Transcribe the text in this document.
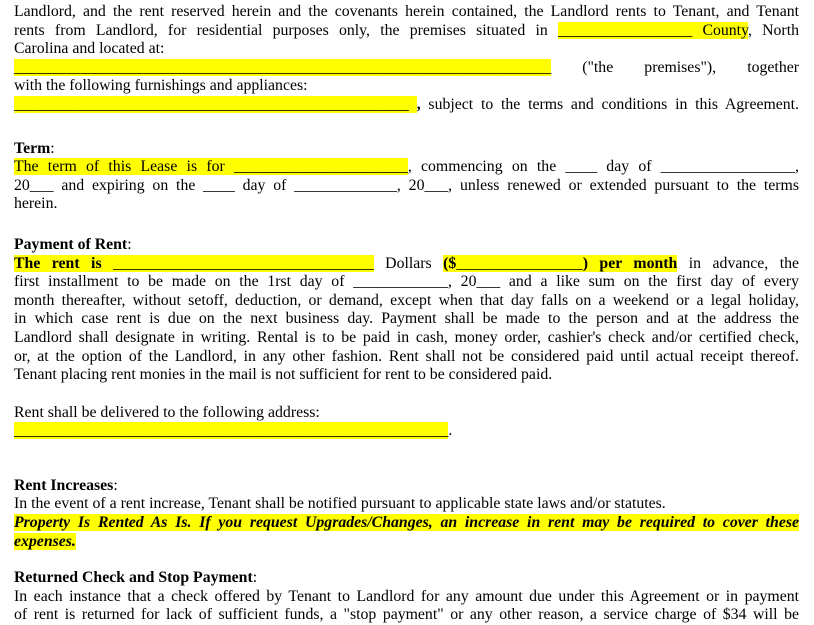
Landlord, and the rent reserved herein and the covenants herein contained, the Landlord rents to Tenant, and Tenant
rents from Landlord, for residential purposes only, the premises situated in _________________ County, North
Carolina and located at:
____________________________________________________________________ ("the premises"), together
with the following furnishings and appliances:
__________________________________________________ , subject to the terms and conditions in this Agreement.
Term:
The term of this Lease is for ______________________, commencing on the ____ day of _________________,
20___ and expiring on the ____ day of _____________, 20___, unless renewed or extended pursuant to the terms
herein.
Payment of Rent:
The rent is _________________________________ Dollars ($________________) per month in advance, the
first installment to be made on the 1rst day of ____________, 20___ and a like sum on the first day of every
month thereafter, without setoff, deduction, or demand, except when that day falls on a weekend or a legal holiday,
in which case rent is due on the next business day. Payment shall be made to the person and at the address the
Landlord shall designate in writing. Rental is to be paid in cash, money order, cashier's check and/or certified check,
or, at the option of the Landlord, in any other fashion. Rent shall not be considered paid until actual receipt thereof.
Tenant placing rent monies in the mail is not sufficient for rent to be considered paid.
Rent shall be delivered to the following address:
_______________________________________________________.
Rent Increases:
In the event of a rent increase, Tenant shall be notified pursuant to applicable state laws and/or statutes.
Property Is Rented As Is. If you request Upgrades/Changes, an increase in rent may be required to cover these
expenses.
Returned Check and Stop Payment:
In each instance that a check offered by Tenant to Landlord for any amount due under this Agreement or in payment
of rent is returned for lack of sufficient funds, a "stop payment" or any other reason, a service charge of $34 will be
